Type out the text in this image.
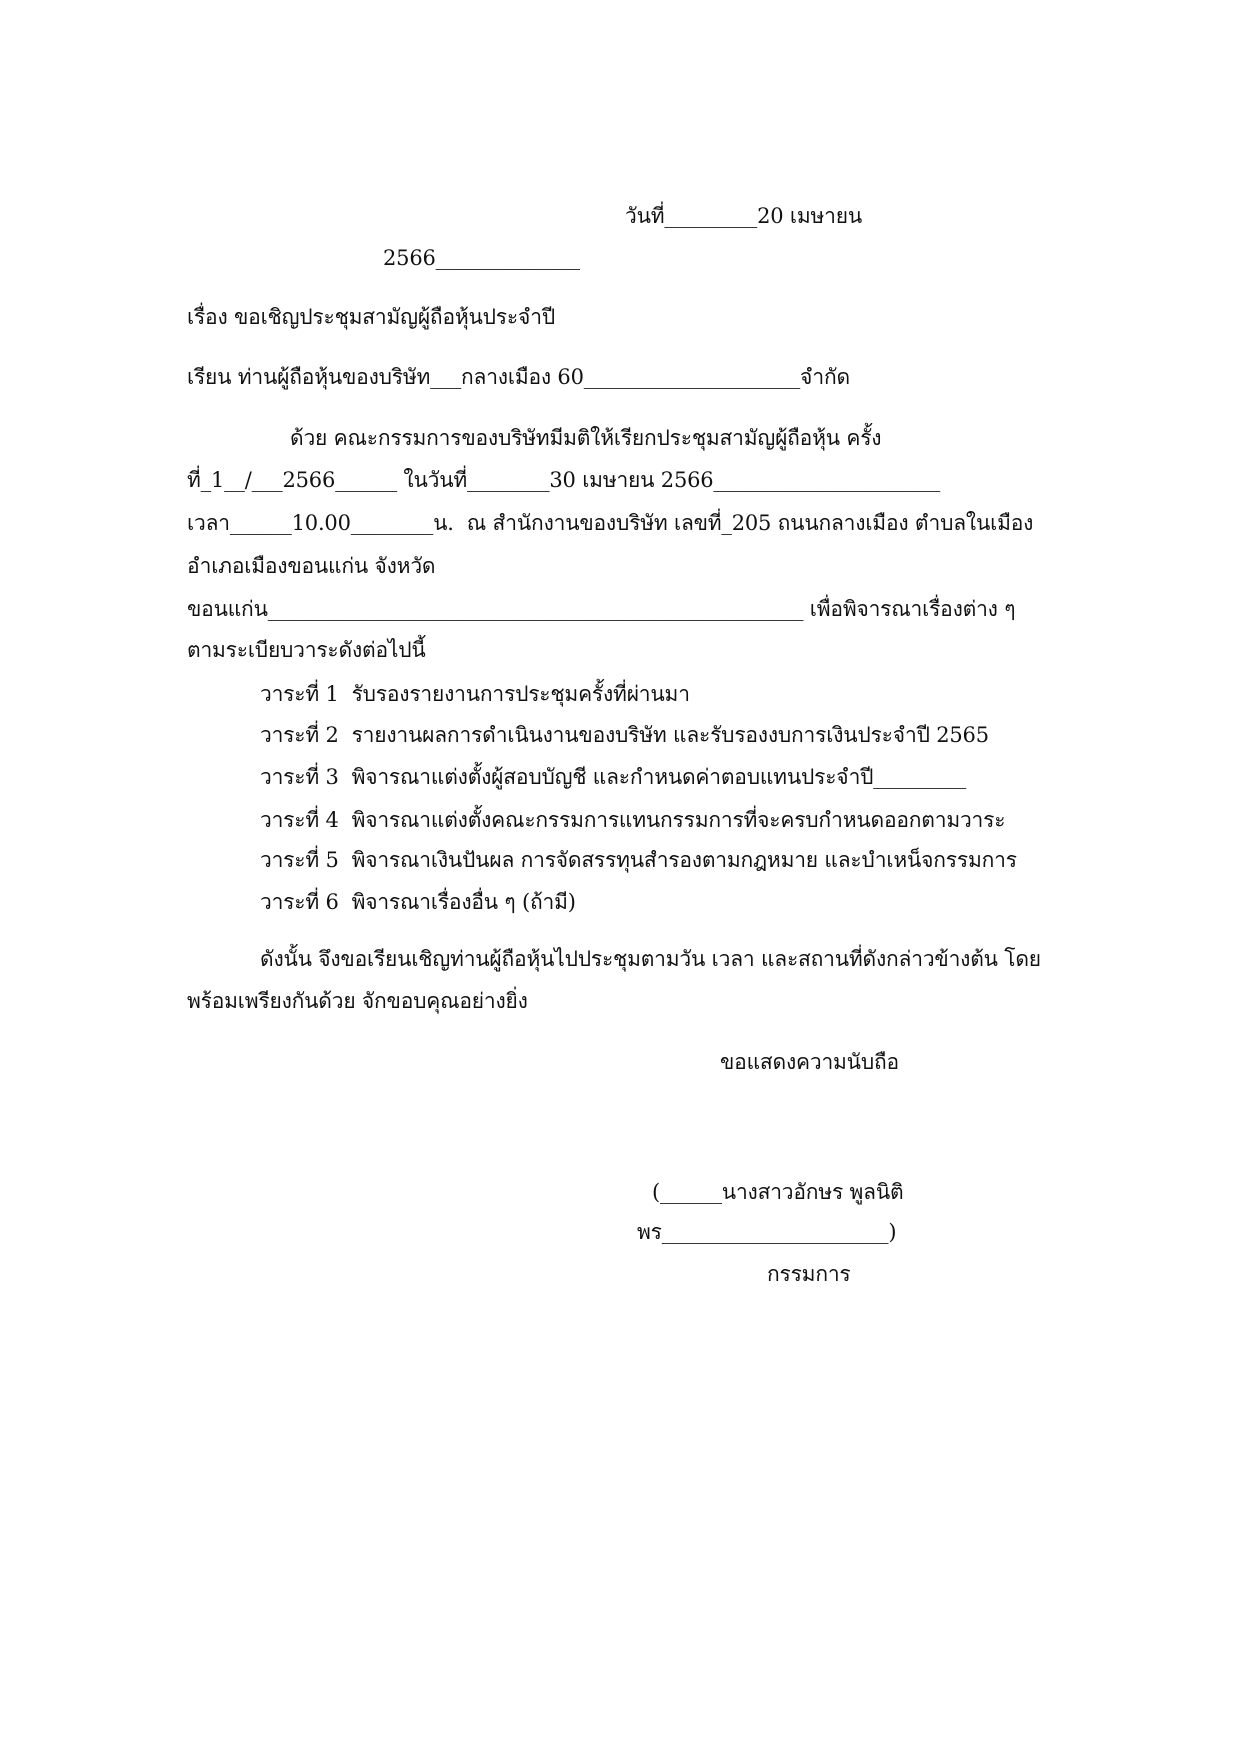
วันที่_________20 เมษายน
2566______________
เรื่อง ขอเชิญประชุมสามัญผู้ถือหุ้นประจำปี
เรียน ท่านผู้ถือหุ้นของบริษัท___กลางเมือง 60_____________________จำกัด
ด้วย คณะกรรมการของบริษัทมีมติให้เรียกประชุมสามัญผู้ถือหุ้น ครั้ง
ที่_1__/___2566______ ในวันที่________30 เมษายน 2566______________________
เวลา______10.00________น.  ณ สำนักงานของบริษัท เลขที่_205 ถนนกลางเมือง ตำบลในเมือง
อำเภอเมืองขอนแก่น จังหวัด
ขอนแก่น____________________________________________________ เพื่อพิจารณาเรื่องต่าง ๆ
ตามระเบียบวาระดังต่อไปนี้
วาระที่ 1  รับรองรายงานการประชุมครั้งที่ผ่านมา
วาระที่ 2  รายงานผลการดำเนินงานของบริษัท และรับรองงบการเงินประจำปี 2565
วาระที่ 3  พิจารณาแต่งตั้งผู้สอบบัญชี และกำหนดค่าตอบแทนประจำปี_________
วาระที่ 4  พิจารณาแต่งตั้งคณะกรรมการแทนกรรมการที่จะครบกำหนดออกตามวาระ
วาระที่ 5  พิจารณาเงินปันผล การจัดสรรทุนสำรองตามกฎหมาย และบำเหน็จกรรมการ
วาระที่ 6  พิจารณาเรื่องอื่น ๆ (ถ้ามี)
ดังนั้น จึงขอเรียนเชิญท่านผู้ถือหุ้นไปประชุมตามวัน เวลา และสถานที่ดังกล่าวข้างต้น โดย
พร้อมเพรียงกันด้วย จักขอบคุณอย่างยิ่ง
ขอแสดงความนับถือ
(______นางสาวอักษร พูลนิติ
พร______________________)
กรรมการ
